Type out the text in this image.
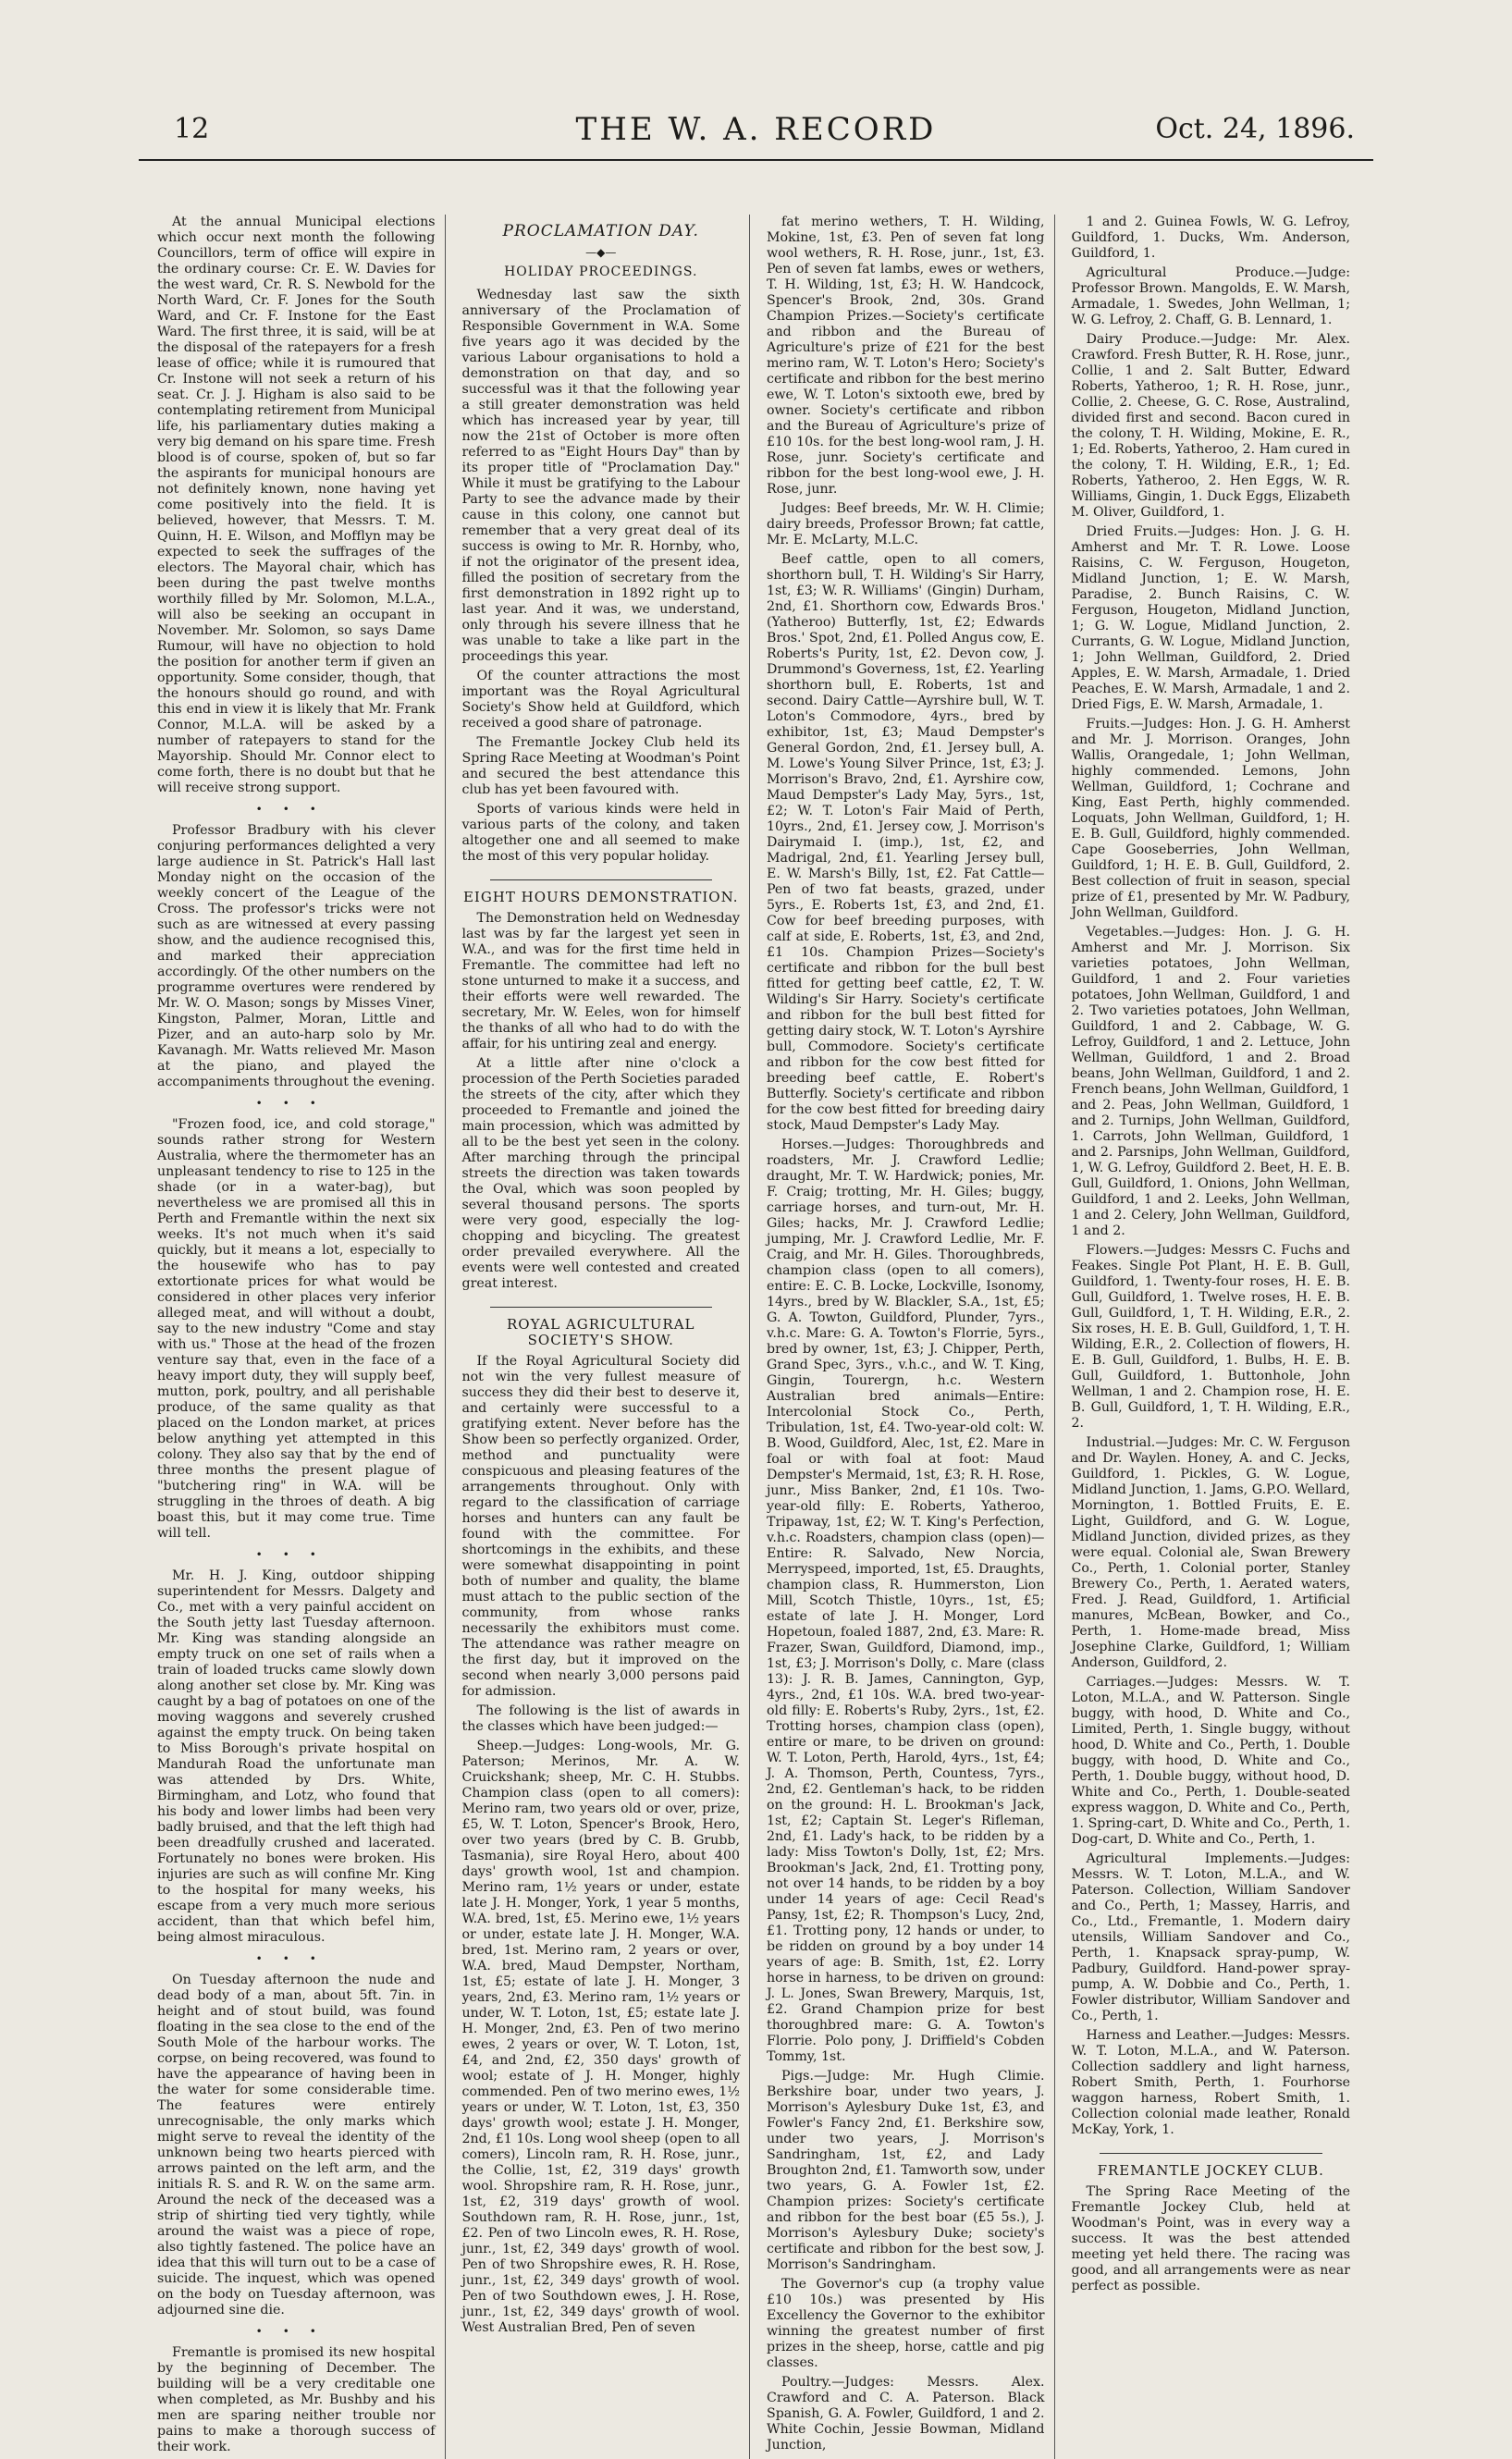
12	THE W. A. RECORD	Oct. 24, 1896.

At the annual Municipal elections which occur next month the following Councillors, term of office will expire in the ordinary course: Cr. E. W. Davies for the west ward, Cr. R. S. Newbold for the North Ward, Cr. F. Jones for the South Ward, and Cr. F. Instone for the East Ward. The first three, it is said, will be at the disposal of the ratepayers for a fresh lease of office; while it is rumoured that Cr. Instone will not seek a return of his seat. Cr. J. J. Higham is also said to be contemplating retirement from Municipal life, his parliamentary duties making a very big demand on his spare time. Fresh blood is of course, spoken of, but so far the aspirants for municipal honours are not definitely known, none having yet come positively into the field. It is believed, however, that Messrs. T. M. Quinn, H. E. Wilson, and Mofflyn may be expected to seek the suffrages of the electors. The Mayoral chair, which has been during the past twelve months worthily filled by Mr. Solomon, M.L.A., will also be seeking an occupant in November. Mr. Solomon, so says Dame Rumour, will have no objection to hold the position for another term if given an opportunity. Some consider, though, that the honours should go round, and with this end in view it is likely that Mr. Frank Connor, M.L.A. will be asked by a number of ratepayers to stand for the Mayorship. Should Mr. Connor elect to come forth, there is no doubt but that he will receive strong support.

•••

Professor Bradbury with his clever conjuring performances delighted a very large audience in St. Patrick's Hall last Monday night on the occasion of the weekly concert of the League of the Cross. The professor's tricks were not such as are witnessed at every passing show, and the audience recognised this, and marked their appreciation accordingly. Of the other numbers on the programme overtures were rendered by Mr. W. O. Mason; songs by Misses Viner, Kingston, Palmer, Moran, Little and Pizer, and an auto-harp solo by Mr. Kavanagh. Mr. Watts relieved Mr. Mason at the piano, and played the accompaniments throughout the evening.

•••

"Frozen food, ice, and cold storage," sounds rather strong for Western Australia, where the thermometer has an unpleasant tendency to rise to 125 in the shade (or in a water-bag), but nevertheless we are promised all this in Perth and Fremantle within the next six weeks. It's not much when it's said quickly, but it means a lot, especially to the housewife who has to pay extortionate prices for what would be considered in other places very inferior alleged meat, and will without a doubt, say to the new industry "Come and stay with us." Those at the head of the frozen venture say that, even in the face of a heavy import duty, they will supply beef, mutton, pork, poultry, and all perishable produce, of the same quality as that placed on the London market, at prices below anything yet attempted in this colony. They also say that by the end of three months the present plague of "butchering ring" in W.A. will be struggling in the throes of death. A big boast this, but it may come true. Time will tell.

•••

Mr. H. J. King, outdoor shipping superintendent for Messrs. Dalgety and Co., met with a very painful accident on the South jetty last Tuesday afternoon. Mr. King was standing alongside an empty truck on one set of rails when a train of loaded trucks came slowly down along another set close by. Mr. King was caught by a bag of potatoes on one of the moving waggons and severely crushed against the empty truck. On being taken to Miss Borough's private hospital on Mandurah Road the unfortunate man was attended by Drs. White, Birmingham, and Lotz, who found that his body and lower limbs had been very badly bruised, and that the left thigh had been dreadfully crushed and lacerated. Fortunately no bones were broken. His injuries are such as will confine Mr. King to the hospital for many weeks, his escape from a very much more serious accident, than that which befel him, being almost miraculous.

•••

On Tuesday afternoon the nude and dead body of a man, about 5ft. 7in. in height and of stout build, was found floating in the sea close to the end of the South Mole of the harbour works. The corpse, on being recovered, was found to have the appearance of having been in the water for some considerable time. The features were entirely unrecognisable, the only marks which might serve to reveal the identity of the unknown being two hearts pierced with arrows painted on the left arm, and the initials R. S. and R. W. on the same arm. Around the neck of the deceased was a strip of shirting tied very tightly, while around the waist was a piece of rope, also tightly fastened. The police have an idea that this will turn out to be a case of suicide. The inquest, which was opened on the body on Tuesday afternoon, was adjourned sine die.

•••

Fremantle is promised its new hospital by the beginning of December. The building will be a very creditable one when completed, as Mr. Bushby and his men are sparing neither trouble nor pains to make a thorough success of their work.

PROCLAMATION DAY.
—◆—
HOLIDAY PROCEEDINGS.

Wednesday last saw the sixth anniversary of the Proclamation of Responsible Government in W.A. Some five years ago it was decided by the various Labour organisations to hold a demonstration on that day, and so successful was it that the following year a still greater demonstration was held which has increased year by year, till now the 21st of October is more often referred to as "Eight Hours Day" than by its proper title of "Proclamation Day." While it must be gratifying to the Labour Party to see the advance made by their cause in this colony, one cannot but remember that a very great deal of its success is owing to Mr. R. Hornby, who, if not the originator of the present idea, filled the position of secretary from the first demonstration in 1892 right up to last year. And it was, we understand, only through his severe illness that he was unable to take a like part in the proceedings this year.

Of the counter attractions the most important was the Royal Agricultural Society's Show held at Guildford, which received a good share of patronage.

The Fremantle Jockey Club held its Spring Race Meeting at Woodman's Point and secured the best attendance this club has yet been favoured with.

Sports of various kinds were held in various parts of the colony, and taken altogether one and all seemed to make the most of this very popular holiday.

EIGHT HOURS DEMONSTRATION.

The Demonstration held on Wednesday last was by far the largest yet seen in W.A., and was for the first time held in Fremantle. The committee had left no stone unturned to make it a success, and their efforts were well rewarded. The secretary, Mr. W. Eeles, won for himself the thanks of all who had to do with the affair, for his untiring zeal and energy.

At a little after nine o'clock a procession of the Perth Societies paraded the streets of the city, after which they proceeded to Fremantle and joined the main procession, which was admitted by all to be the best yet seen in the colony. After marching through the principal streets the direction was taken towards the Oval, which was soon peopled by several thousand persons. The sports were very good, especially the log-chopping and bicycling. The greatest order prevailed everywhere. All the events were well contested and created great interest.

ROYAL AGRICULTURAL SOCIETY'S SHOW.

If the Royal Agricultural Society did not win the very fullest measure of success they did their best to deserve it, and certainly were successful to a gratifying extent. Never before has the Show been so perfectly organized. Order, method and punctuality were conspicuous and pleasing features of the arrangements throughout. Only with regard to the classification of carriage horses and hunters can any fault be found with the committee. For shortcomings in the exhibits, and these were somewhat disappointing in point both of number and quality, the blame must attach to the public section of the community, from whose ranks necessarily the exhibitors must come. The attendance was rather meagre on the first day, but it improved on the second when nearly 3,000 persons paid for admission.

The following is the list of awards in the classes which have been judged:—

Sheep.—Judges: Long-wools, Mr. G. Paterson; Merinos, Mr. A. W. Cruickshank; sheep, Mr. C. H. Stubbs. Champion class (open to all comers): Merino ram, two years old or over, prize, £5, W. T. Loton, Spencer's Brook, Hero, over two years (bred by C. B. Grubb, Tasmania), sire Royal Hero, about 400 days' growth wool, 1st and champion. Merino ram, 1½ years or under, estate late J. H. Monger, York, 1 year 5 months, W.A. bred, 1st, £5. Merino ewe, 1½ years or under, estate late J. H. Monger, W.A. bred, 1st. Merino ram, 2 years or over, W.A. bred, Maud Dempster, Northam, 1st, £5; estate of late J. H. Monger, 3 years, 2nd, £3. Merino ram, 1½ years or under, W. T. Loton, 1st, £5; estate late J. H. Monger, 2nd, £3. Pen of two merino ewes, 2 years or over, W. T. Loton, 1st, £4, and 2nd, £2, 350 days' growth of wool; estate of J. H. Monger, highly commended. Pen of two merino ewes, 1½ years or under, W. T. Loton, 1st, £3, 350 days' growth wool; estate J. H. Monger, 2nd, £1 10s. Long wool sheep (open to all comers), Lincoln ram, R. H. Rose, junr., the Collie, 1st, £2, 319 days' growth wool. Shropshire ram, R. H. Rose, junr., 1st, £2, 319 days' growth of wool. Southdown ram, R. H. Rose, junr., 1st, £2. Pen of two Lincoln ewes, R. H. Rose, junr., 1st, £2, 349 days' growth of wool. Pen of two Shropshire ewes, R. H. Rose, junr., 1st, £2, 349 days' growth of wool. Pen of two Southdown ewes, J. H. Rose, junr., 1st, £2, 349 days' growth of wool. West Australian Bred, Pen of seven

fat merino wethers, T. H. Wilding, Mokine, 1st, £3. Pen of seven fat long wool wethers, R. H. Rose, junr., 1st, £3. Pen of seven fat lambs, ewes or wethers, T. H. Wilding, 1st, £3; H. W. Handcock, Spencer's Brook, 2nd, 30s. Grand Champion Prizes.—Society's certificate and ribbon and the Bureau of Agriculture's prize of £21 for the best merino ram, W. T. Loton's Hero; Society's certificate and ribbon for the best merino ewe, W. T. Loton's sixtooth ewe, bred by owner. Society's certificate and ribbon and the Bureau of Agriculture's prize of £10 10s. for the best long-wool ram, J. H. Rose, junr. Society's certificate and ribbon for the best long-wool ewe, J. H. Rose, junr.

Judges: Beef breeds, Mr. W. H. Climie; dairy breeds, Professor Brown; fat cattle, Mr. E. McLarty, M.L.C.

Beef cattle, open to all comers, shorthorn bull, T. H. Wilding's Sir Harry, 1st, £3; W. R. Williams' (Gingin) Durham, 2nd, £1. Shorthorn cow, Edwards Bros.' (Yatheroo) Butterfly, 1st, £2; Edwards Bros.' Spot, 2nd, £1. Polled Angus cow, E. Roberts's Purity, 1st, £2. Devon cow, J. Drummond's Governess, 1st, £2. Yearling shorthorn bull, E. Roberts, 1st and second. Dairy Cattle—Ayrshire bull, W. T. Loton's Commodore, 4yrs., bred by exhibitor, 1st, £3; Maud Dempster's General Gordon, 2nd, £1. Jersey bull, A. M. Lowe's Young Silver Prince, 1st, £3; J. Morrison's Bravo, 2nd, £1. Ayrshire cow, Maud Dempster's Lady May, 5yrs., 1st, £2; W. T. Loton's Fair Maid of Perth, 10yrs., 2nd, £1. Jersey cow, J. Morrison's Dairymaid I. (imp.), 1st, £2, and Madrigal, 2nd, £1. Yearling Jersey bull, E. W. Marsh's Billy, 1st, £2. Fat Cattle—Pen of two fat beasts, grazed, under 5yrs., E. Roberts 1st, £3, and 2nd, £1. Cow for beef breeding purposes, with calf at side, E. Roberts, 1st, £3, and 2nd, £1 10s. Champion Prizes—Society's certificate and ribbon for the bull best fitted for getting beef cattle, £2, T. W. Wilding's Sir Harry. Society's certificate and ribbon for the bull best fitted for getting dairy stock, W. T. Loton's Ayrshire bull, Commodore. Society's certificate and ribbon for the cow best fitted for breeding beef cattle, E. Robert's Butterfly. Society's certificate and ribbon for the cow best fitted for breeding dairy stock, Maud Dempster's Lady May.

Horses.—Judges: Thoroughbreds and roadsters, Mr. J. Crawford Ledlie; draught, Mr. T. W. Hardwick; ponies, Mr. F. Craig; trotting, Mr. H. Giles; buggy, carriage horses, and turn-out, Mr. H. Giles; hacks, Mr. J. Crawford Ledlie; jumping, Mr. J. Crawford Ledlie, Mr. F. Craig, and Mr. H. Giles. Thoroughbreds, champion class (open to all comers), entire: E. C. B. Locke, Lockville, Isonomy, 14yrs., bred by W. Blackler, S.A., 1st, £5; G. A. Towton, Guildford, Plunder, 7yrs., v.h.c. Mare: G. A. Towton's Florrie, 5yrs., bred by owner, 1st, £3; J. Chipper, Perth, Grand Spec, 3yrs., v.h.c., and W. T. King, Gingin, Tourergn, h.c. Western Australian bred animals—Entire: Intercolonial Stock Co., Perth, Tribulation, 1st, £4. Two-year-old colt: W. B. Wood, Guildford, Alec, 1st, £2. Mare in foal or with foal at foot: Maud Dempster's Mermaid, 1st, £3; R. H. Rose, junr., Miss Banker, 2nd, £1 10s. Two-year-old filly: E. Roberts, Yatheroo, Tripaway, 1st, £2; W. T. King's Perfection, v.h.c. Roadsters, champion class (open)—Entire: R. Salvado, New Norcia, Merryspeed, imported, 1st, £5. Draughts, champion class, R. Hummerston, Lion Mill, Scotch Thistle, 10yrs., 1st, £5; estate of late J. H. Monger, Lord Hopetoun, foaled 1887, 2nd, £3. Mare: R. Frazer, Swan, Guildford, Diamond, imp., 1st, £3; J. Morrison's Dolly, c. Mare (class 13): J. R. B. James, Cannington, Gyp, 4yrs., 2nd, £1 10s. W.A. bred two-year-old filly: E. Roberts's Ruby, 2yrs., 1st, £2. Trotting horses, champion class (open), entire or mare, to be driven on ground: W. T. Loton, Perth, Harold, 4yrs., 1st, £4; J. A. Thomson, Perth, Countess, 7yrs., 2nd, £2. Gentleman's hack, to be ridden on the ground: H. L. Brookman's Jack, 1st, £2; Captain St. Leger's Rifleman, 2nd, £1. Lady's hack, to be ridden by a lady: Miss Towton's Dolly, 1st, £2; Mrs. Brookman's Jack, 2nd, £1. Trotting pony, not over 14 hands, to be ridden by a boy under 14 years of age: Cecil Read's Pansy, 1st, £2; R. Thompson's Lucy, 2nd, £1. Trotting pony, 12 hands or under, to be ridden on ground by a boy under 14 years of age: B. Smith, 1st, £2. Lorry horse in harness, to be driven on ground: J. L. Jones, Swan Brewery, Marquis, 1st, £2. Grand Champion prize for best thoroughbred mare: G. A. Towton's Florrie. Polo pony, J. Driffield's Cobden Tommy, 1st.

Pigs.—Judge: Mr. Hugh Climie. Berkshire boar, under two years, J. Morrison's Aylesbury Duke 1st, £3, and Fowler's Fancy 2nd, £1. Berkshire sow, under two years, J. Morrison's Sandringham, 1st, £2, and Lady Broughton 2nd, £1. Tamworth sow, under two years, G. A. Fowler 1st, £2. Champion prizes: Society's certificate and ribbon for the best boar (£5 5s.), J. Morrison's Aylesbury Duke; society's certificate and ribbon for the best sow, J. Morrison's Sandringham.

The Governor's cup (a trophy value £10 10s.) was presented by His Excellency the Governor to the exhibitor winning the greatest number of first prizes in the sheep, horse, cattle and pig classes.

Poultry.—Judges: Messrs. Alex. Crawford and C. A. Paterson. Black Spanish, G. A. Fowler, Guildford, 1 and 2. White Cochin, Jessie Bowman, Midland Junction,

1 and 2. Guinea Fowls, W. G. Lefroy, Guildford, 1. Ducks, Wm. Anderson, Guildford, 1.

Agricultural Produce.—Judge: Professor Brown. Mangolds, E. W. Marsh, Armadale, 1. Swedes, John Wellman, 1; W. G. Lefroy, 2. Chaff, G. B. Lennard, 1.

Dairy Produce.—Judge: Mr. Alex. Crawford. Fresh Butter, R. H. Rose, junr., Collie, 1 and 2. Salt Butter, Edward Roberts, Yatheroo, 1; R. H. Rose, junr., Collie, 2. Cheese, G. C. Rose, Australind, divided first and second. Bacon cured in the colony, T. H. Wilding, Mokine, E. R., 1; Ed. Roberts, Yatheroo, 2. Ham cured in the colony, T. H. Wilding, E.R., 1; Ed. Roberts, Yatheroo, 2. Hen Eggs, W. R. Williams, Gingin, 1. Duck Eggs, Elizabeth M. Oliver, Guildford, 1.

Dried Fruits.—Judges: Hon. J. G. H. Amherst and Mr. T. R. Lowe. Loose Raisins, C. W. Ferguson, Hougeton, Midland Junction, 1; E. W. Marsh, Paradise, 2. Bunch Raisins, C. W. Ferguson, Hougeton, Midland Junction, 1; G. W. Logue, Midland Junction, 2. Currants, G. W. Logue, Midland Junction, 1; John Wellman, Guildford, 2. Dried Apples, E. W. Marsh, Armadale, 1. Dried Peaches, E. W. Marsh, Armadale, 1 and 2. Dried Figs, E. W. Marsh, Armadale, 1.

Fruits.—Judges: Hon. J. G. H. Amherst and Mr. J. Morrison. Oranges, John Wallis, Orangedale, 1; John Wellman, highly commended. Lemons, John Wellman, Guildford, 1; Cochrane and King, East Perth, highly commended. Loquats, John Wellman, Guildford, 1; H. E. B. Gull, Guildford, highly commended. Cape Gooseberries, John Wellman, Guildford, 1; H. E. B. Gull, Guildford, 2. Best collection of fruit in season, special prize of £1, presented by Mr. W. Padbury, John Wellman, Guildford.

Vegetables.—Judges: Hon. J. G. H. Amherst and Mr. J. Morrison. Six varieties potatoes, John Wellman, Guildford, 1 and 2. Four varieties potatoes, John Wellman, Guildford, 1 and 2. Two varieties potatoes, John Wellman, Guildford, 1 and 2. Cabbage, W. G. Lefroy, Guildford, 1 and 2. Lettuce, John Wellman, Guildford, 1 and 2. Broad beans, John Wellman, Guildford, 1 and 2. French beans, John Wellman, Guildford, 1 and 2. Peas, John Wellman, Guildford, 1 and 2. Turnips, John Wellman, Guildford, 1. Carrots, John Wellman, Guildford, 1 and 2. Parsnips, John Wellman, Guildford, 1, W. G. Lefroy, Guildford 2. Beet, H. E. B. Gull, Guildford, 1. Onions, John Wellman, Guildford, 1 and 2. Leeks, John Wellman, 1 and 2. Celery, John Wellman, Guildford, 1 and 2.

Flowers.—Judges: Messrs C. Fuchs and Feakes. Single Pot Plant, H. E. B. Gull, Guildford, 1. Twenty-four roses, H. E. B. Gull, Guildford, 1. Twelve roses, H. E. B. Gull, Guildford, 1, T. H. Wilding, E.R., 2. Six roses, H. E. B. Gull, Guildford, 1, T. H. Wilding, E.R., 2. Collection of flowers, H. E. B. Gull, Guildford, 1. Bulbs, H. E. B. Gull, Guildford, 1. Buttonhole, John Wellman, 1 and 2. Champion rose, H. E. B. Gull, Guildford, 1, T. H. Wilding, E.R., 2.

Industrial.—Judges: Mr. C. W. Ferguson and Dr. Waylen. Honey, A. and C. Jecks, Guildford, 1. Pickles, G. W. Logue, Midland Junction, 1. Jams, G.P.O. Wellard, Mornington, 1. Bottled Fruits, E. E. Light, Guildford, and G. W. Logue, Midland Junction, divided prizes, as they were equal. Colonial ale, Swan Brewery Co., Perth, 1. Colonial porter, Stanley Brewery Co., Perth, 1. Aerated waters, Fred. J. Read, Guildford, 1. Artificial manures, McBean, Bowker, and Co., Perth, 1. Home-made bread, Miss Josephine Clarke, Guildford, 1; William Anderson, Guildford, 2.

Carriages.—Judges: Messrs. W. T. Loton, M.L.A., and W. Patterson. Single buggy, with hood, D. White and Co., Limited, Perth, 1. Single buggy, without hood, D. White and Co., Perth, 1. Double buggy, with hood, D. White and Co., Perth, 1. Double buggy, without hood, D. White and Co., Perth, 1. Double-seated express waggon, D. White and Co., Perth, 1. Spring-cart, D. White and Co., Perth, 1. Dog-cart, D. White and Co., Perth, 1.

Agricultural Implements.—Judges: Messrs. W. T. Loton, M.L.A., and W. Paterson. Collection, William Sandover and Co., Perth, 1; Massey, Harris, and Co., Ltd., Fremantle, 1. Modern dairy utensils, William Sandover and Co., Perth, 1. Knapsack spray-pump, W. Padbury, Guildford. Hand-power spray-pump, A. W. Dobbie and Co., Perth, 1. Fowler distributor, William Sandover and Co., Perth, 1.

Harness and Leather.—Judges: Messrs. W. T. Loton, M.L.A., and W. Paterson. Collection saddlery and light harness, Robert Smith, Perth, 1. Fourhorse waggon harness, Robert Smith, 1. Collection colonial made leather, Ronald McKay, York, 1.

FREMANTLE JOCKEY CLUB.

The Spring Race Meeting of the Fremantle Jockey Club, held at Woodman's Point, was in every way a success. It was the best attended meeting yet held there. The racing was good, and all arrangements were as near perfect as possible.
